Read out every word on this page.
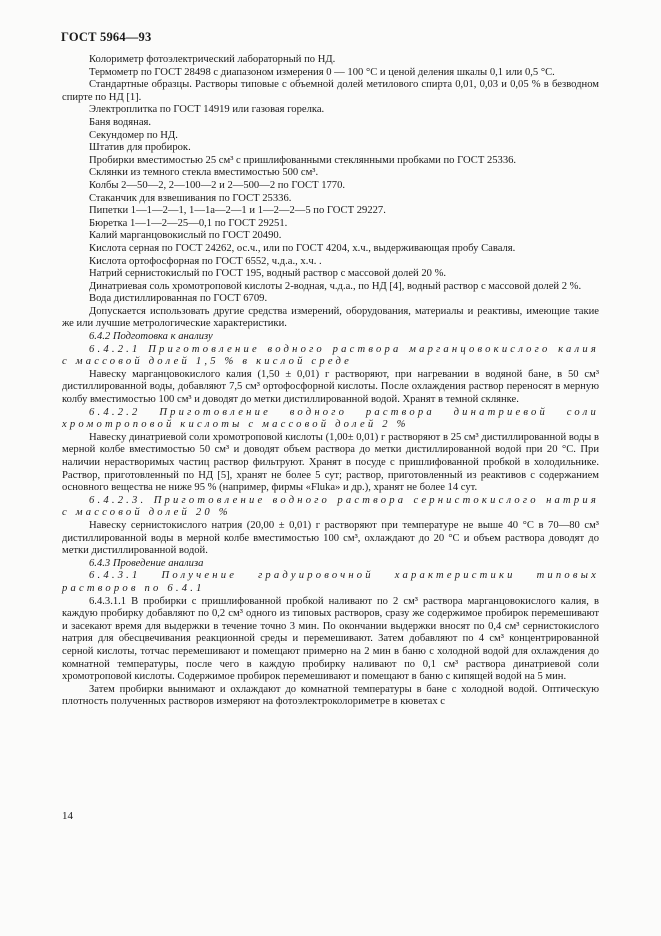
ГОСТ 5964—93

Колориметр фотоэлектрический лабораторный по НД.

Термометр по ГОСТ 28498 с диапазоном измерения 0 — 100 °С и ценой деления шкалы 0,1 или 0,5 °С.

Стандартные образцы. Растворы типовые с объемной долей метилового спирта 0,01, 0,03 и 0,05 % в безводном спирте по НД [1].

Электроплитка по ГОСТ 14919 или газовая горелка.

Баня водяная.

Секундомер по НД.

Штатив для пробирок.

Пробирки вместимостью 25 см³ с пришлифованными стеклянными пробками по ГОСТ 25336.

Склянки из темного стекла вместимостью 500 см³.

Колбы 2—50—2, 2—100—2 и 2—500—2 по ГОСТ 1770.

Стаканчик для взвешивания по ГОСТ 25336.

Пипетки 1—1—2—1, 1—1а—2—1 и 1—2—2—5 по ГОСТ 29227.

Бюретка 1—1—2—25—0,1 по ГОСТ 29251.

Калий марганцовокислый по ГОСТ 20490.

Кислота серная по ГОСТ 24262, ос.ч., или по ГОСТ 4204, х.ч., выдерживающая пробу Саваля.

Кислота ортофосфорная по ГОСТ 6552, ч.д.а., х.ч. .

Натрий сернистокислый по ГОСТ 195, водный раствор с массовой долей 20 %.

Динатриевая соль хромотроповой кислоты 2-водная, ч.д.а., по НД [4], водный раствор с массовой долей 2 %.

Вода дистиллированная по ГОСТ 6709.

Допускается использовать другие средства измерений, оборудования, материалы и реактивы, имеющие такие же или лучшие метрологические характеристики.

6.4.2 Подготовка к анализу

6.4.2.1 Приготовление водного раствора марганцовокислого калия с массовой долей 1,5 % в кислой среде

Навеску марганцовокислого калия (1,50 ± 0,01) г растворяют, при нагревании в водяной бане, в 50 см³ дистиллированной воды, добавляют 7,5 см³ ортофосфорной кислоты. После охлаждения раствор переносят в мерную колбу вместимостью 100 см³ и доводят до метки дистиллированной водой. Хранят в темной склянке.

6.4.2.2 Приготовление водного раствора динатриевой соли хромотроповой кислоты с массовой долей 2 %

Навеску динатриевой соли хромотроповой кислоты (1,00± 0,01) г растворяют в 25 см³ дистиллированной воды в мерной колбе вместимостью 50 см³ и доводят объем раствора до метки дистиллированной водой при 20 °С. При наличии нерастворимых частиц раствор фильтруют. Хранят в посуде с пришлифованной пробкой в холодильнике. Раствор, приготовленный по НД [5], хранят не более 5 сут; раствор, приготовленный из реактивов с содержанием основного вещества не ниже 95 % (например, фирмы «Fluka» и др.), хранят не более 14 сут.

6.4.2.3. Приготовление водного раствора сернистокислого натрия с массовой долей 20 %

Навеску сернистокислого натрия (20,00 ± 0,01) г растворяют при температуре не выше 40 °С в 70—80 см³ дистиллированной воды в мерной колбе вместимостью 100 см³, охлаждают до 20 °С и объем раствора доводят до метки дистиллированной водой.

6.4.3 Проведение анализа

6.4.3.1 Получение градуировочной характеристики типовых растворов по 6.4.1

6.4.3.1.1 В пробирки с пришлифованной пробкой наливают по 2 см³ раствора марганцовокислого калия, в каждую пробирку добавляют по 0,2 см³ одного из типовых растворов, сразу же содержимое пробирок перемешивают и засекают время для выдержки в течение точно 3 мин. По окончании выдержки вносят по 0,4 см³ сернистокислого натрия для обесцвечивания реакционной среды и перемешивают. Затем добавляют по 4 см³ концентрированной серной кислоты, тотчас перемешивают и помещают примерно на 2 мин в баню с холодной водой для охлаждения до комнатной температуры, после чего в каждую пробирку наливают по 0,1 см³ раствора динатриевой соли хромотроповой кислоты. Содержимое пробирок перемешивают и помещают в баню с кипящей водой на 5 мин.

Затем пробирки вынимают и охлаждают до комнатной температуры в бане с холодной водой. Оптическую плотность полученных растворов измеряют на фотоэлектроколориметре в кюветах с

14
